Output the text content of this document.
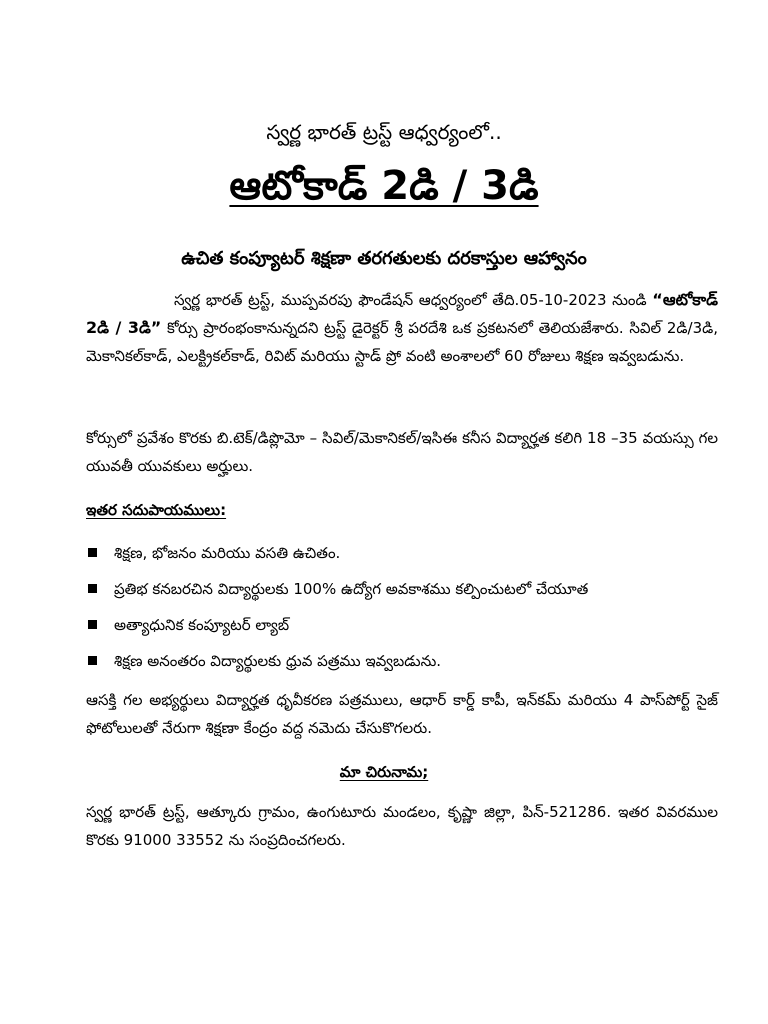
స్వర్ణ భారత్ ట్రస్ట్ ఆధ్వర్యంలో..
ఆటోకాడ్ 2డి / 3డి
ఉచిత కంప్యూటర్ శిక్షణా తరగతులకు దరకాస్తుల ఆహ్వానం
స్వర్ణ భారత్ ట్రస్ట్, ముప్పవరపు ఫౌండేషన్ ఆధ్వర్యంలో తేది.05-10-2023 నుండి “ఆటోకాడ్ 2డి / 3డి” కోర్సు ప్రారంభంకానున్నదని ట్రస్ట్ డైరెక్టర్ శ్రీ పరదేశి ఒక ప్రకటనలో తెలియజేశారు. సివిల్ 2డి/3డి, మెకానికల్‌కాడ్, ఎలక్ట్రికల్‌కాడ్, రివిట్ మరియు స్టాడ్ ప్రో వంటి అంశాలలో 60 రోజులు శిక్షణ ఇవ్వబడును.
కోర్సులో ప్రవేశం కొరకు బి.టెక్/డిప్లొమో – సివిల్/మెకానికల్/ఇసిఈ కనీస విద్యార్హత కలిగి 18 –35 వయస్సు గల యువతీ యువకులు అర్హులు.
ఇతర సదుపాయములు:
శిక్షణ, భోజనం మరియు వసతి ఉచితం.
ప్రతిభ కనబరచిన విద్యార్థులకు 100% ఉద్యోగ అవకాశము కల్పించుటలో చేయూత
అత్యాధునిక కంప్యూటర్ ల్యాబ్
శిక్షణ అనంతరం విద్యార్థులకు ధ్రువ పత్రము ఇవ్వబడును.
ఆసక్తి గల అభ్యర్థులు విద్యార్హత ధృవీకరణ పత్రములు, ఆధార్ కార్డ్ కాపీ, ఇన్‌కమ్ మరియు 4 పాస్‌పోర్ట్ సైజ్ ఫోటోలులతో నేరుగా శిక్షణా కేంద్రం వద్ద నమెదు చేసుకొగలరు.
మా చిరునామ;
స్వర్ణ భారత్ ట్రస్ట్, ఆత్కూరు గ్రామం, ఉంగుటూరు మండలం, కృష్ణా జిల్లా, పిన్-521286. ఇతర వివరముల కొరకు 91000 33552 ను సంప్రదించగలరు.
